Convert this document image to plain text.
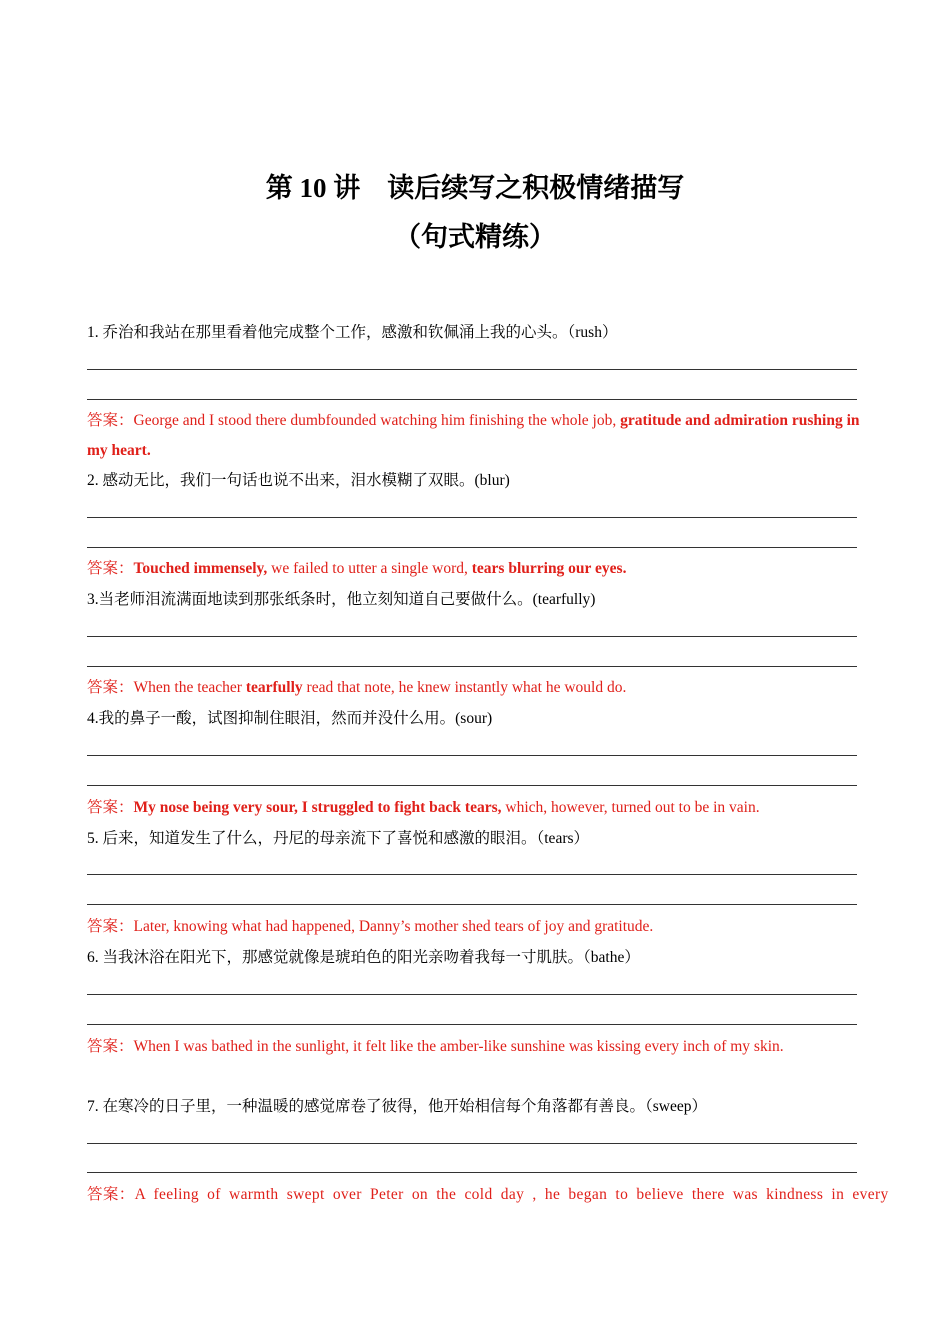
第 10 讲　读后续写之积极情绪描写
（句式精练）
1. 乔治和我站在那里看着他完成整个工作，感激和钦佩涌上我的心头。（rush）
答案：George and I stood there dumbfounded watching him finishing the whole job, gratitude and admiration rushing in my heart.
2. 感动无比，我们一句话也说不出来，泪水模糊了双眼。(blur)
答案：Touched immensely, we failed to utter a single word, tears blurring our eyes.
3.当老师泪流满面地读到那张纸条时，他立刻知道自己要做什么。(tearfully)
答案：When the teacher tearfully read that note, he knew instantly what he would do.
4.我的鼻子一酸，试图抑制住眼泪，然而并没什么用。(sour)
答案：My nose being very sour, I struggled to fight back tears, which, however, turned out to be in vain.
5. 后来，知道发生了什么，丹尼的母亲流下了喜悦和感激的眼泪。（tears）
答案：Later, knowing what had happened, Danny’s mother shed tears of joy and gratitude.
6. 当我沐浴在阳光下，那感觉就像是琥珀色的阳光亲吻着我每一寸肌肤。（bathe）
答案：When I was bathed in the sunlight, it felt like the amber-like sunshine was kissing every inch of my skin.
7. 在寒冷的日子里，一种温暖的感觉席卷了彼得，他开始相信每个角落都有善良。（sweep）
答案：A feeling of warmth swept over Peter on the cold day , he began to believe there was kindness in every
